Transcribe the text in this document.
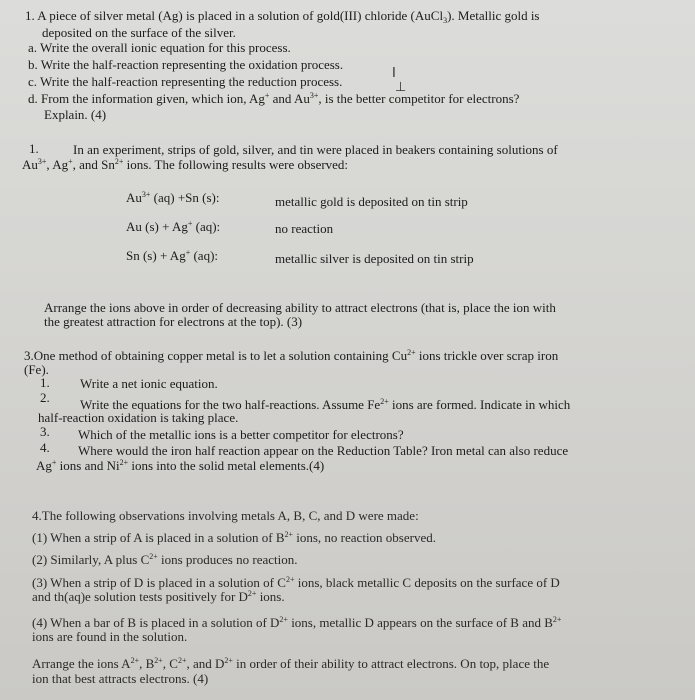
1. A piece of silver metal (Ag) is placed in a solution of gold(III) chloride (AuCl$_3$). Metallic gold is
deposited on the surface of the silver.
a. Write the overall ionic equation for this process.
b. Write the half-reaction representing the oxidation process.
I
c. Write the half-reaction representing the reduction process.	⊥
d. From the information given, which ion, Ag+ and $Au^{3+}$, is the better competitor for electrons?
Explain. (4)
1.	In an experiment, strips of gold, silver, and tin were placed in beakers containing solutions of
$Au^{3+}$, Ag+, and $Sn^{2+}$ ions. The following results were observed:
$Au^{3+}$ (aq) +Sn (s):	metallic gold is deposited on tin strip
Au (s) + Ag+ (aq):	no reaction
Sn (s) + Ag+ (aq):	metallic silver is deposited on tin strip
Arrange the ions above in order of decreasing ability to attract electrons (that is, place the ion with
the greatest attraction for electrons at the top). (3)
3.One method of obtaining copper metal is to let a solution containing $Cu^{2+}$ ions trickle over scrap iron
(Fe).
1. Write a net ionic equation.
2. Write the equations for the two half-reactions. Assume $Fe^{2+}$ ions are formed. Indicate in which
half-reaction oxidation is taking place.
3. Which of the metallic ions is a better competitor for electrons?
4. Where would the iron half reaction appear on the Reduction Table? Iron metal can also reduce
Ag+ ions and $Ni^{2+}$ ions into the solid metal elements.(4)
4.The following observations involving metals A, B, C, and D were made:
(1) When a strip of A is placed in a solution of $B^{2+}$ ions, no reaction observed.
(2) Similarly, A plus $C^{2+}$ ions produces no reaction.
(3) When a strip of D is placed in a solution of $C^{2+}$ ions, black metallic C deposits on the surface of D
and th(aq)e solution tests positively for $D^{2+}$ ions.
(4) When a bar of B is placed in a solution of $D^{2+}$ ions, metallic D appears on the surface of B and $B^{2+}$
ions are found in the solution.
Arrange the ions $A^{2+}$, $B^{2+}$, $C^{2+}$, and $D^{2+}$ in order of their ability to attract electrons. On top, place the
ion that best attracts electrons. (4)
